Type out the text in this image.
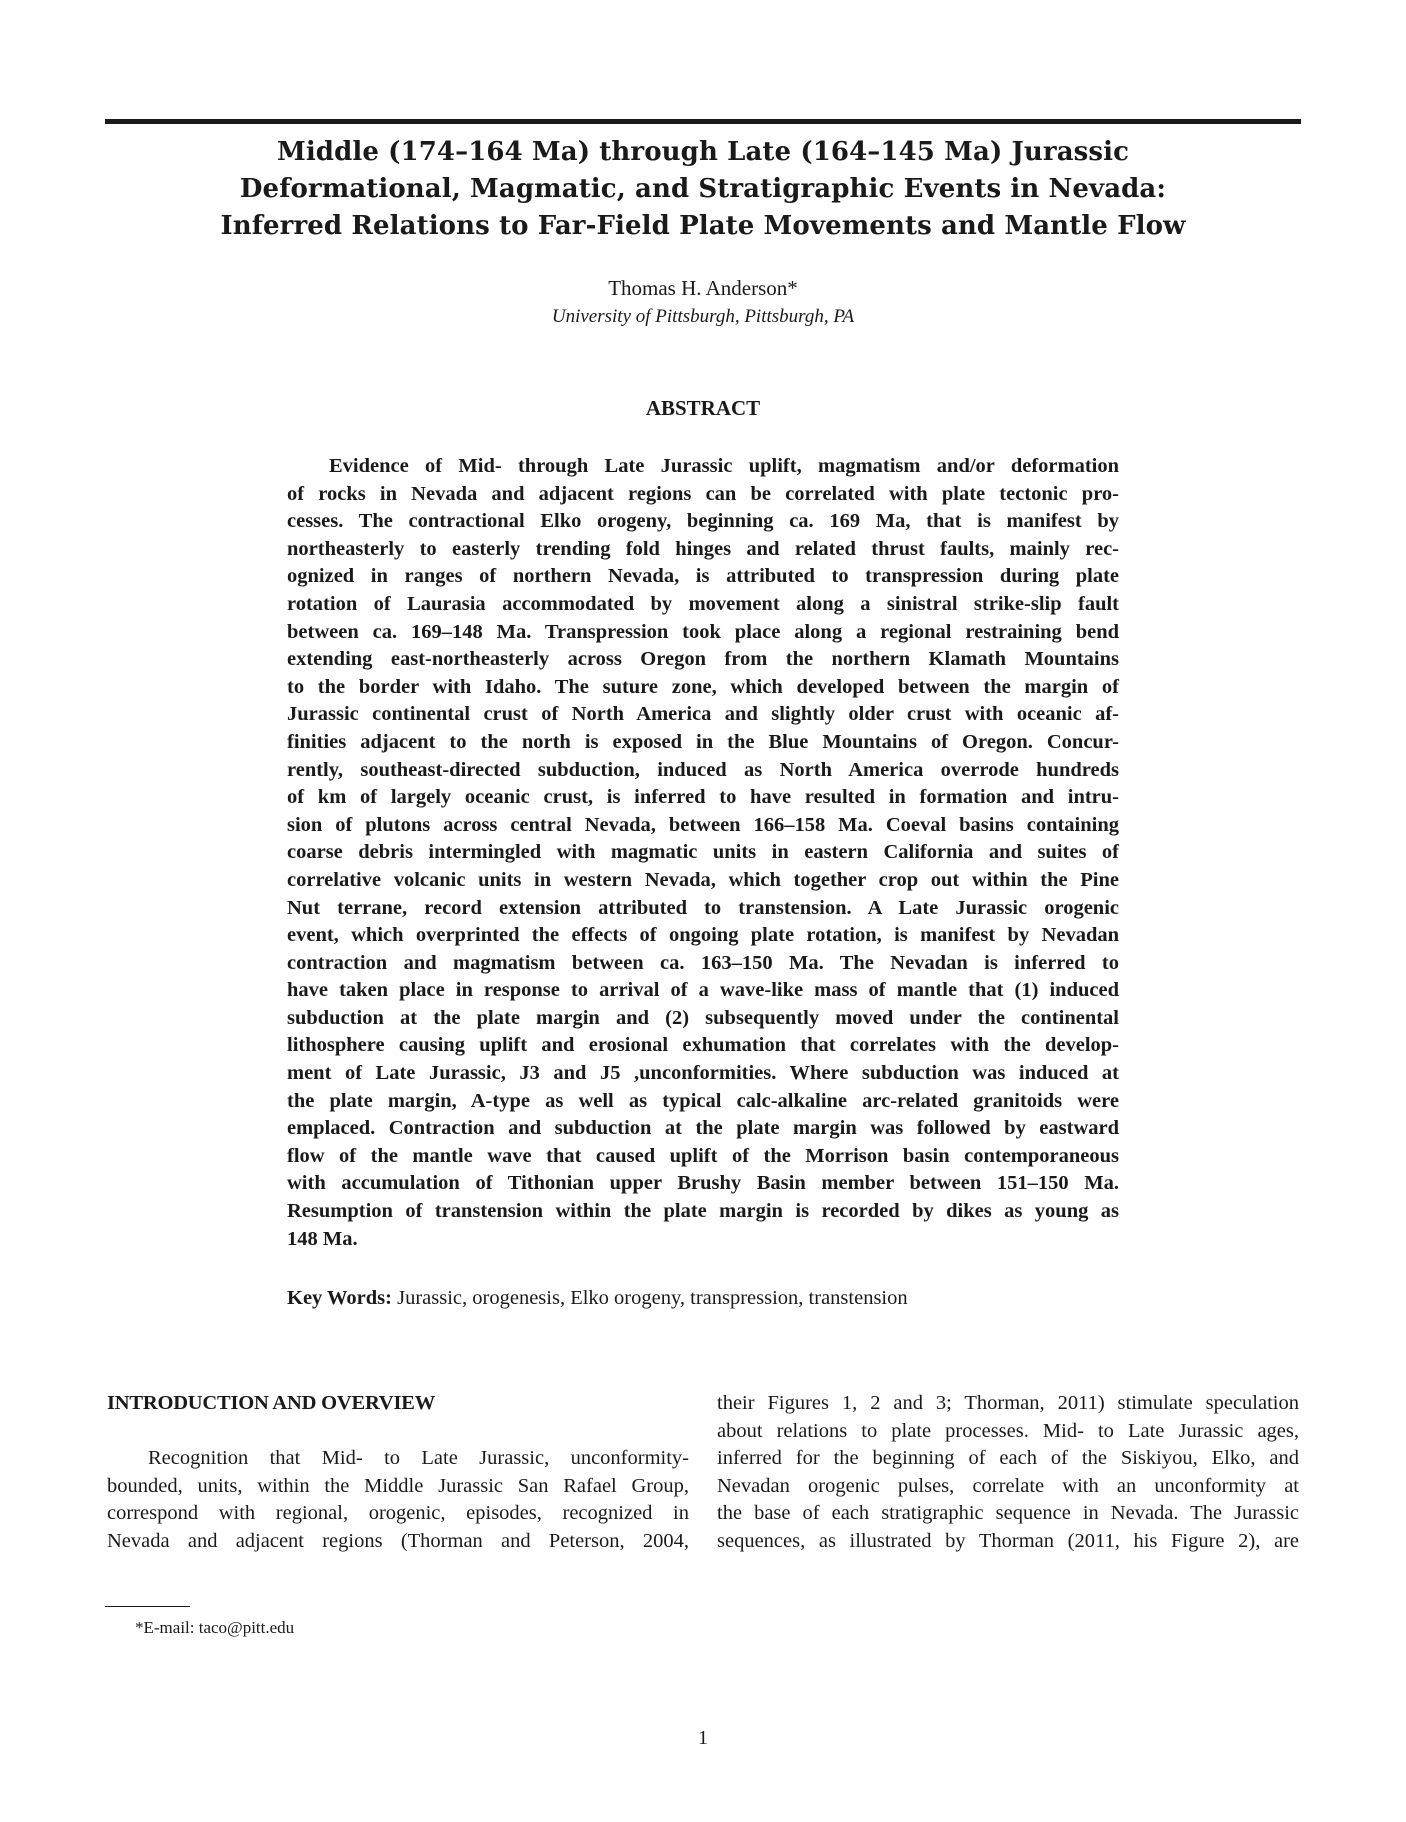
Middle (174–164 Ma) through Late (164–145 Ma) Jurassic
Deformational, Magmatic, and Stratigraphic Events in Nevada:
Inferred Relations to Far-Field Plate Movements and Mantle Flow
Thomas H. Anderson*
University of Pittsburgh, Pittsburgh, PA
ABSTRACT

Evidence of Mid- through Late Jurassic uplift, magmatism and/or deformation
of rocks in Nevada and adjacent regions can be correlated with plate tectonic pro-
cesses. The contractional Elko orogeny, beginning ca. 169 Ma, that is manifest by
northeasterly to easterly trending fold hinges and related thrust faults, mainly rec-
ognized in ranges of northern Nevada, is attributed to transpression during plate
rotation of Laurasia accommodated by movement along a sinistral strike-slip fault
between ca. 169–148 Ma. Transpression took place along a regional restraining bend
extending east-northeasterly across Oregon from the northern Klamath Mountains
to the border with Idaho. The suture zone, which developed between the margin of
Jurassic continental crust of North America and slightly older crust with oceanic af-
finities adjacent to the north is exposed in the Blue Mountains of Oregon. Concur-
rently, southeast-directed subduction, induced as North America overrode hundreds
of km of largely oceanic crust, is inferred to have resulted in formation and intru-
sion of plutons across central Nevada, between 166–158 Ma. Coeval basins containing
coarse debris intermingled with magmatic units in eastern California and suites of
correlative volcanic units in western Nevada, which together crop out within the Pine
Nut terrane, record extension attributed to transtension. A Late Jurassic orogenic
event, which overprinted the effects of ongoing plate rotation, is manifest by Nevadan
contraction and magmatism between ca. 163–150 Ma. The Nevadan is inferred to
have taken place in response to arrival of a wave-like mass of mantle that (1) induced
subduction at the plate margin and (2) subsequently moved under the continental
lithosphere causing uplift and erosional exhumation that correlates with the develop-
ment of Late Jurassic, J3 and J5 ,unconformities. Where subduction was induced at
the plate margin, A-type as well as typical calc-alkaline arc-related granitoids were
emplaced. Contraction and subduction at the plate margin was followed by eastward
flow of the mantle wave that caused uplift of the Morrison basin contemporaneous
with accumulation of Tithonian upper Brushy Basin member between 151–150 Ma.
Resumption of transtension within the plate margin is recorded by dikes as young as
148 Ma.

Key Words: Jurassic, orogenesis, Elko orogeny, transpression, transtension
INTRODUCTION AND OVERVIEW

Recognition that Mid- to Late Jurassic, unconformity-
bounded, units, within the Middle Jurassic San Rafael Group,
correspond with regional, orogenic, episodes, recognized in
Nevada and adjacent regions (Thorman and Peterson, 2004,

their Figures 1, 2 and 3; Thorman, 2011) stimulate speculation
about relations to plate processes. Mid- to Late Jurassic ages,
inferred for the beginning of each of the Siskiyou, Elko, and
Nevadan orogenic pulses, correlate with an unconformity at
the base of each stratigraphic sequence in Nevada. The Jurassic
sequences, as illustrated by Thorman (2011, his Figure 2), are

*E-mail: taco@pitt.edu
1
